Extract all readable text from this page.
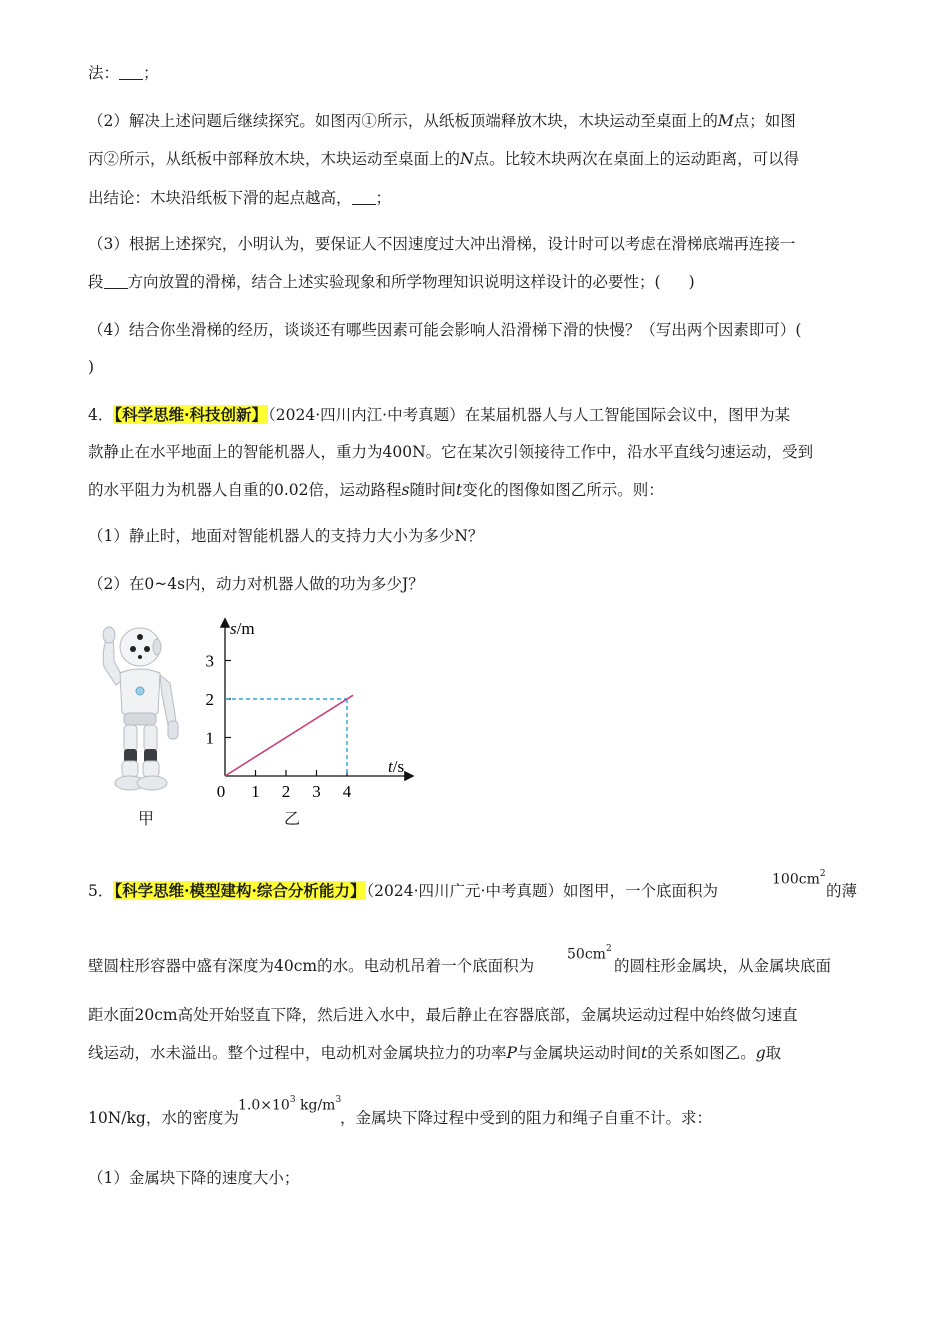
法： ；
（2）解决上述问题后继续探究。如图丙①所示，从纸板顶端释放木块，木块运动至桌面上的M点；如图
丙②所示，从纸板中部释放木块，木块运动至桌面上的N点。比较木块两次在桌面上的运动距离，可以得
出结论：木块沿纸板下滑的起点越高， ；
（3）根据上述探究，小明认为，要保证人不因速度过大冲出滑梯，设计时可以考虑在滑梯底端再连接一
段 方向放置的滑梯，结合上述实验现象和所学物理知识说明这样设计的必要性；( )
（4）结合你坐滑梯的经历，谈谈还有哪些因素可能会影响人沿滑梯下滑的快慢？（写出两个因素即可）(
)
4．【科学思维·科技创新】（2024·四川内江·中考真题）在某届机器人与人工智能国际会议中，图甲为某
款静止在水平地面上的智能机器人，重力为400N。它在某次引领接待工作中，沿水平直线匀速运动，受到
的水平阻力为机器人自重的0.02倍，运动路程s随时间t变化的图像如图乙所示。则：
（1）静止时，地面对智能机器人的支持力大小为多少N？
（2）在0~4s内，动力对机器人做的功为多少J？
甲
0 1 2 3 4
1
2
3
s/m
t/s
乙
5．【科学思维·模型建构·综合分析能力】（2024·四川广元·中考真题）如图甲，一个底面积为
$100cm^2$
的薄
壁圆柱形容器中盛有深度为40cm的水。电动机吊着一个底面积为
$50cm^2$
的圆柱形金属块，从金属块底面
距水面20cm高处开始竖直下降，然后进入水中，最后静止在容器底部，金属块运动过程中始终做匀速直
线运动，水未溢出。整个过程中，电动机对金属块拉力的功率P与金属块运动时间t的关系如图乙。g取
10N/kg，水的密度为
$1.0\times 10^3$ $kg/m^3$
，金属块下降过程中受到的阻力和绳子自重不计。求：
（1）金属块下降的速度大小；
